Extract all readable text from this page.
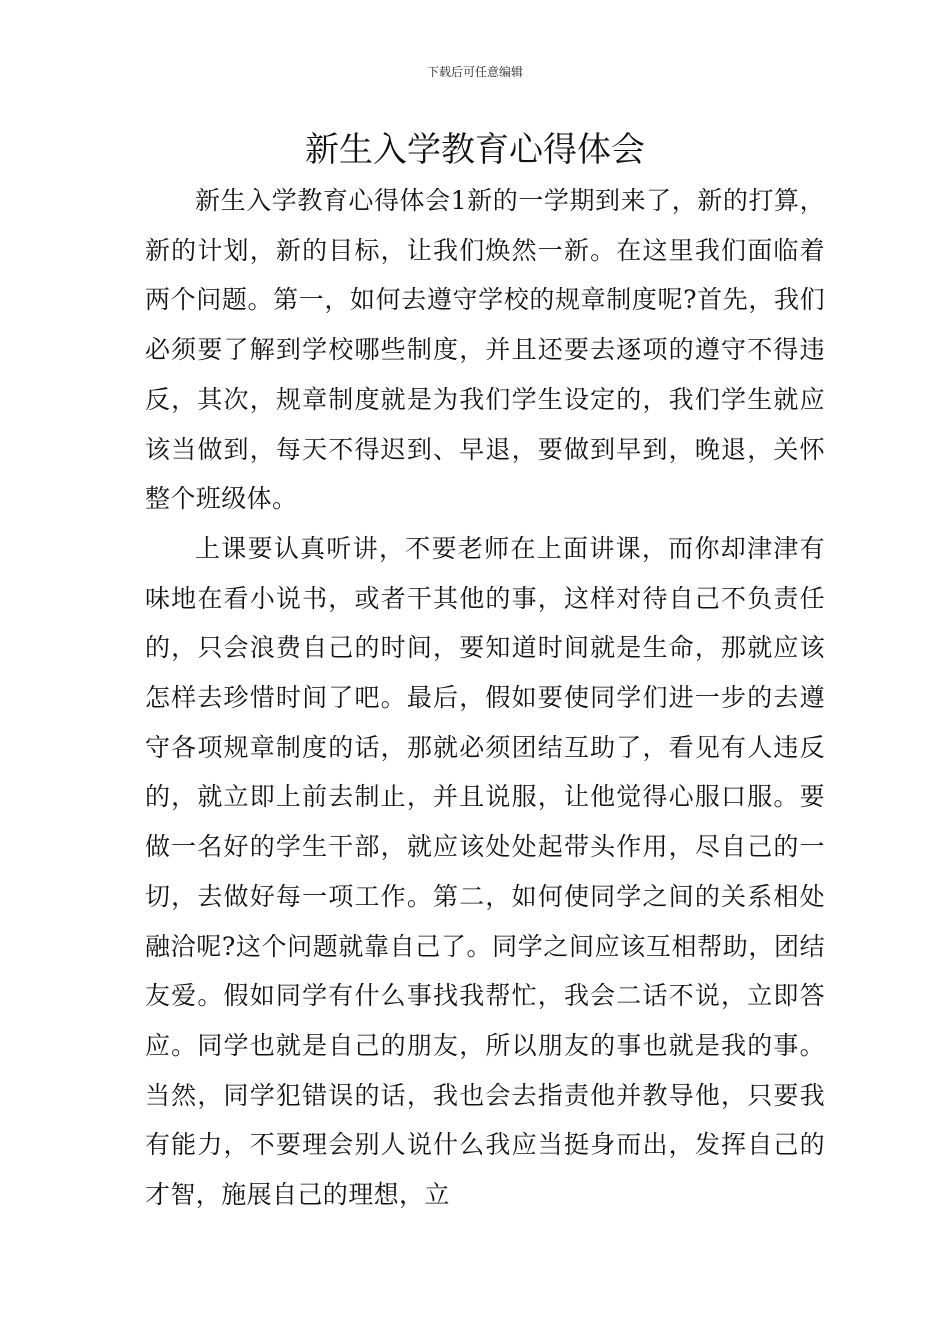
下载后可任意编辑
新生入学教育心得体会

新生入学教育心得体会1新的一学期到来了，新的打算，新的计划，新的目标，让我们焕然一新。在这里我们面临着两个问题。第一，如何去遵守学校的规章制度呢?首先，我们必须要了解到学校哪些制度，并且还要去逐项的遵守不得违反，其次，规章制度就是为我们学生设定的，我们学生就应该当做到，每天不得迟到、早退，要做到早到，晚退，关怀整个班级体。

上课要认真听讲，不要老师在上面讲课，而你却津津有味地在看小说书，或者干其他的事，这样对待自己不负责任的，只会浪费自己的时间，要知道时间就是生命，那就应该怎样去珍惜时间了吧。最后，假如要使同学们进一步的去遵守各项规章制度的话，那就必须团结互助了，看见有人违反的，就立即上前去制止，并且说服，让他觉得心服口服。要做一名好的学生干部，就应该处处起带头作用，尽自己的一切，去做好每一项工作。第二，如何使同学之间的关系相处融洽呢?这个问题就靠自己了。同学之间应该互相帮助，团结友爱。假如同学有什么事找我帮忙，我会二话不说，立即答应。同学也就是自己的朋友，所以朋友的事也就是我的事。当然，同学犯错误的话，我也会去指责他并教导他，只要我有能力，不要理会别人说什么我应当挺身而出，发挥自己的才智，施展自己的理想，立
